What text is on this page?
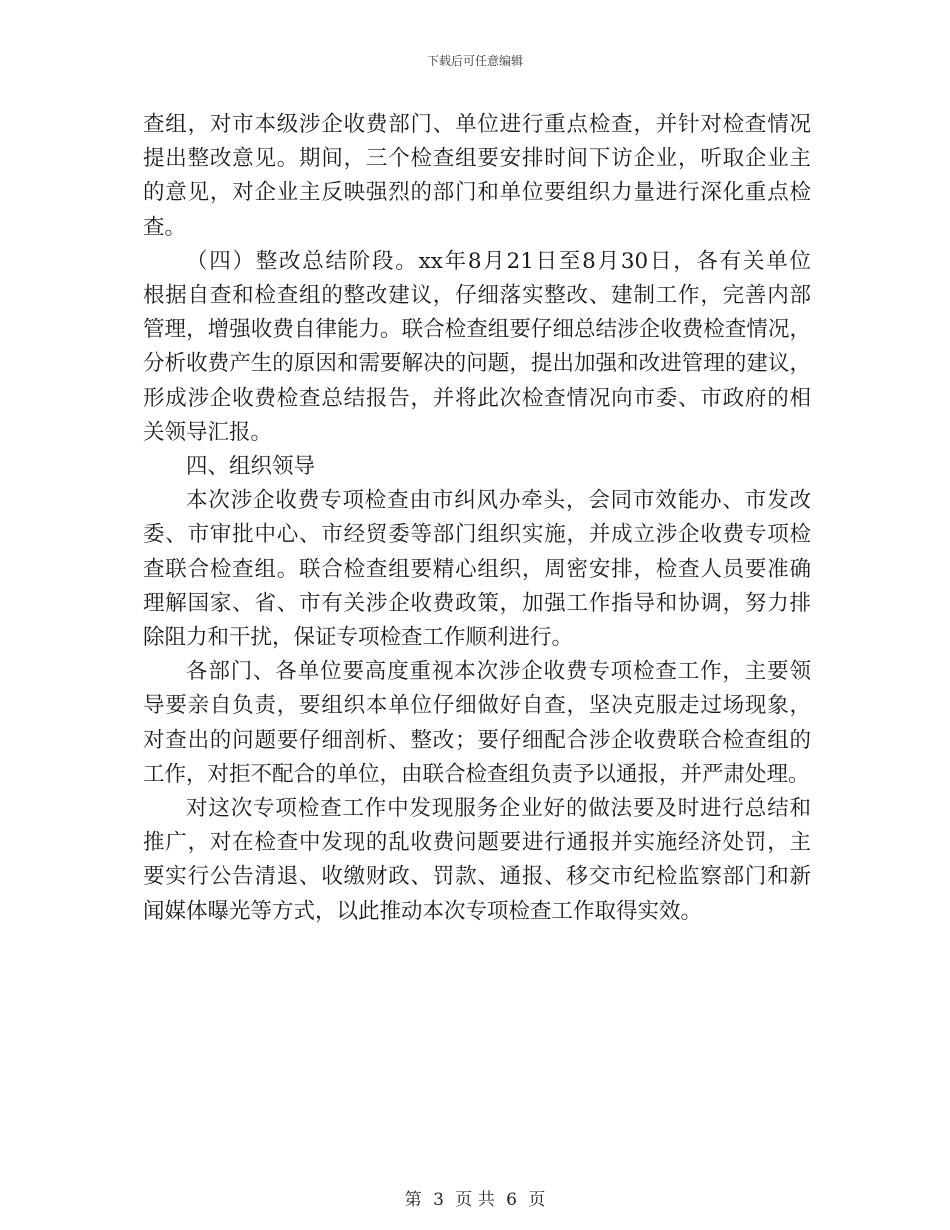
下载后可任意编辑
查组，对市本级涉企收费部门、单位进行重点检查，并针对检查情况
提出整改意见。期间，三个检查组要安排时间下访企业，听取企业主
的意见，对企业主反映强烈的部门和单位要组织力量进行深化重点检
查。
（四）整改总结阶段。xx年8月21日至8月30日，各有关单位
根据自查和检查组的整改建议，仔细落实整改、建制工作，完善内部
管理，增强收费自律能力。联合检查组要仔细总结涉企收费检查情况，
分析收费产生的原因和需要解决的问题，提出加强和改进管理的建议，
形成涉企收费检查总结报告，并将此次检查情况向市委、市政府的相
关领导汇报。
四、组织领导
本次涉企收费专项检查由市纠风办牵头，会同市效能办、市发改
委、市审批中心、市经贸委等部门组织实施，并成立涉企收费专项检
查联合检查组。联合检查组要精心组织，周密安排，检查人员要准确
理解国家、省、市有关涉企收费政策，加强工作指导和协调，努力排
除阻力和干扰，保证专项检查工作顺利进行。
各部门、各单位要高度重视本次涉企收费专项检查工作，主要领
导要亲自负责，要组织本单位仔细做好自查，坚决克服走过场现象，
对查出的问题要仔细剖析、整改；要仔细配合涉企收费联合检查组的
工作，对拒不配合的单位，由联合检查组负责予以通报，并严肃处理。
对这次专项检查工作中发现服务企业好的做法要及时进行总结和
推广，对在检查中发现的乱收费问题要进行通报并实施经济处罚，主
要实行公告清退、收缴财政、罚款、通报、移交市纪检监察部门和新
闻媒体曝光等方式，以此推动本次专项检查工作取得实效。
第 3 页 共 6 页
